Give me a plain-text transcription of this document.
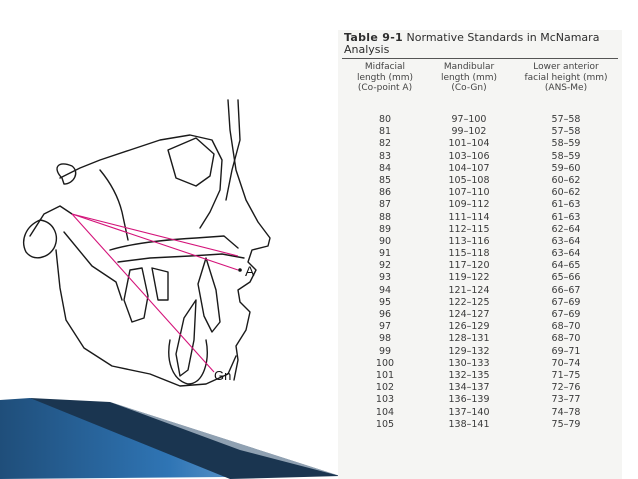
A
Gn
Table 9-1 Normative Standards in McNamara Analysis
Midfacial
length (mm)
(Co-point A)
Mandibular
length (mm)
(Co-Gn)
Lower anterior
facial height (mm)
(ANS-Me)
80	97–100	57–58
81	99–102	57–58
82	101–104	58–59
83	103–106	58–59
84	104–107	59–60
85	105–108	60–62
86	107–110	60–62
87	109–112	61–63
88	111–114	61–63
89	112–115	62–64
90	113–116	63–64
91	115–118	63–64
92	117–120	64–65
93	119–122	65–66
94	121–124	66–67
95	122–125	67–69
96	124–127	67–69
97	126–129	68–70
98	128–131	68–70
99	129–132	69–71
100	130–133	70–74
101	132–135	71–75
102	134–137	72–76
103	136–139	73–77
104	137–140	74–78
105	138–141	75–79
